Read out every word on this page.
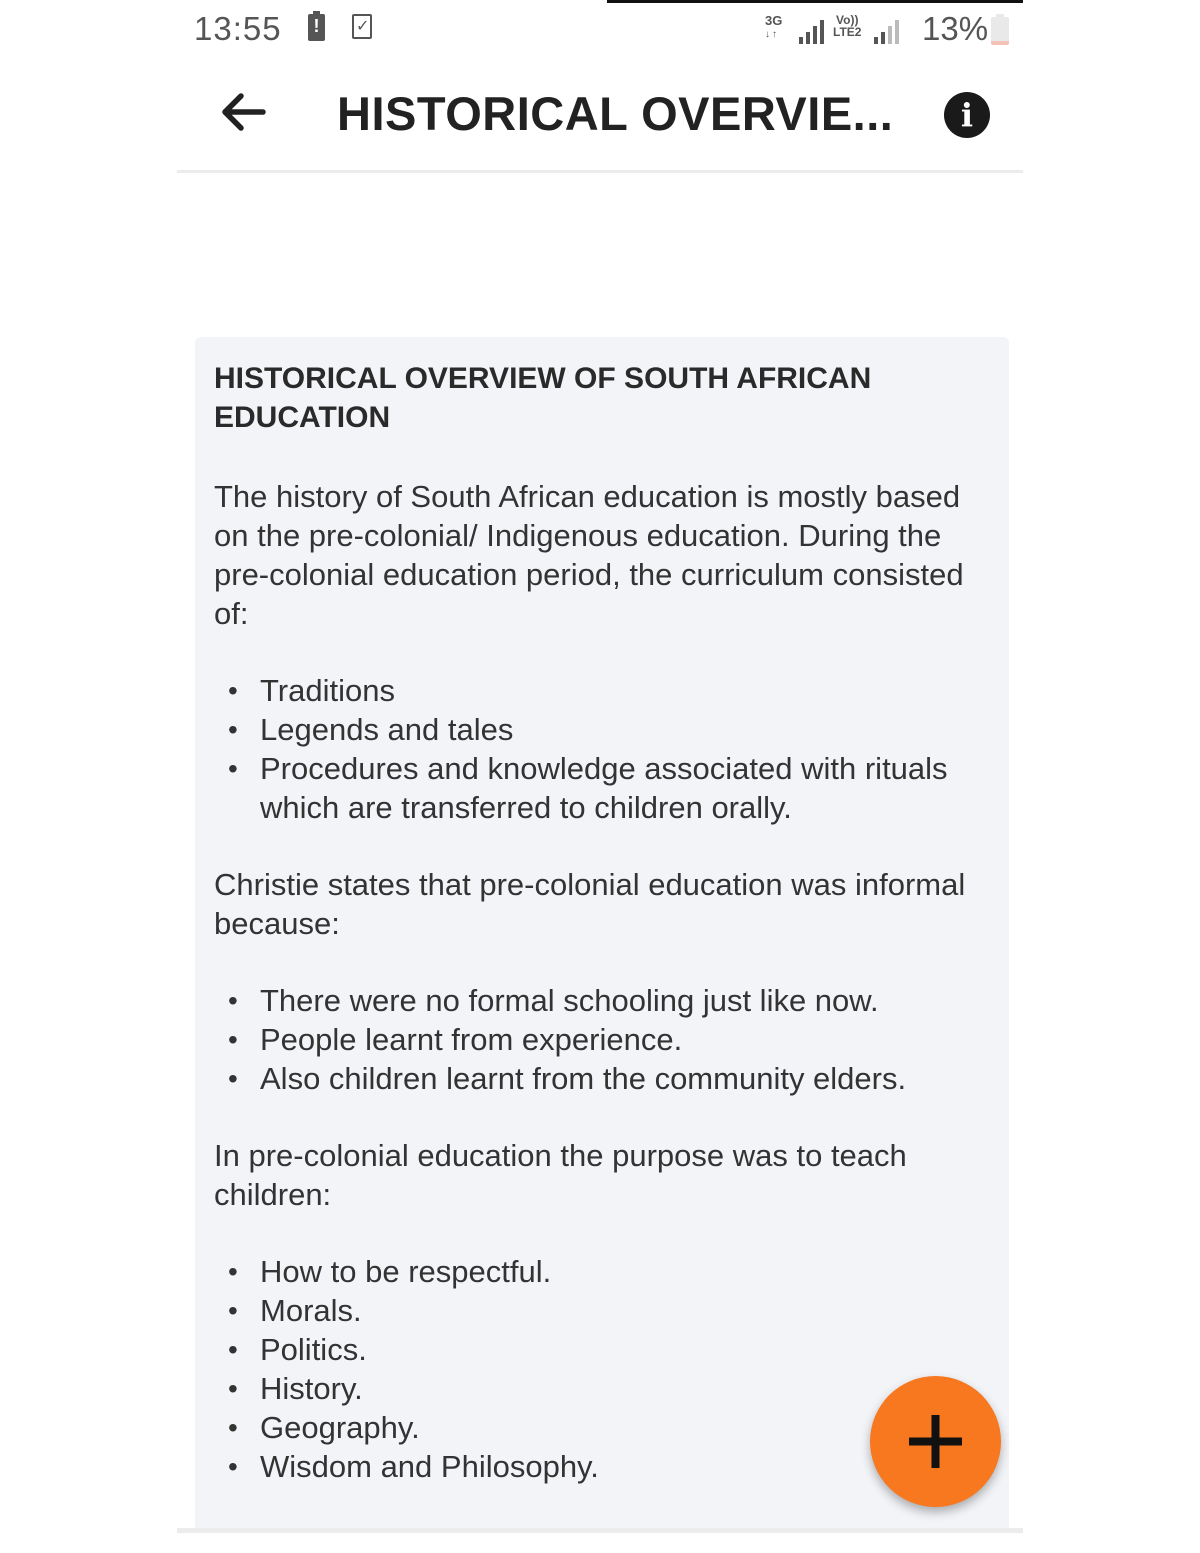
13:55 ! ✓	3G
↓↑
Vo))
LTE2 13%
HISTORICAL OVERVIE...	i
HISTORICAL OVERVIEW OF SOUTH AFRICAN EDUCATION

The history of South African education is mostly based on the pre-colonial/ Indigenous education. During the pre-colonial education period, the curriculum consisted of:

• Traditions
• Legends and tales
• Procedures and knowledge associated with rituals which are transferred to children orally.

Christie states that pre-colonial education was informal because:

• There were no formal schooling just like now.
• People learnt from experience.
• Also children learnt from the community elders.

In pre-colonial education the purpose was to teach children:

• How to be respectful.
• Morals.
• Politics.
• History.
• Geography.
• Wisdom and Philosophy.
